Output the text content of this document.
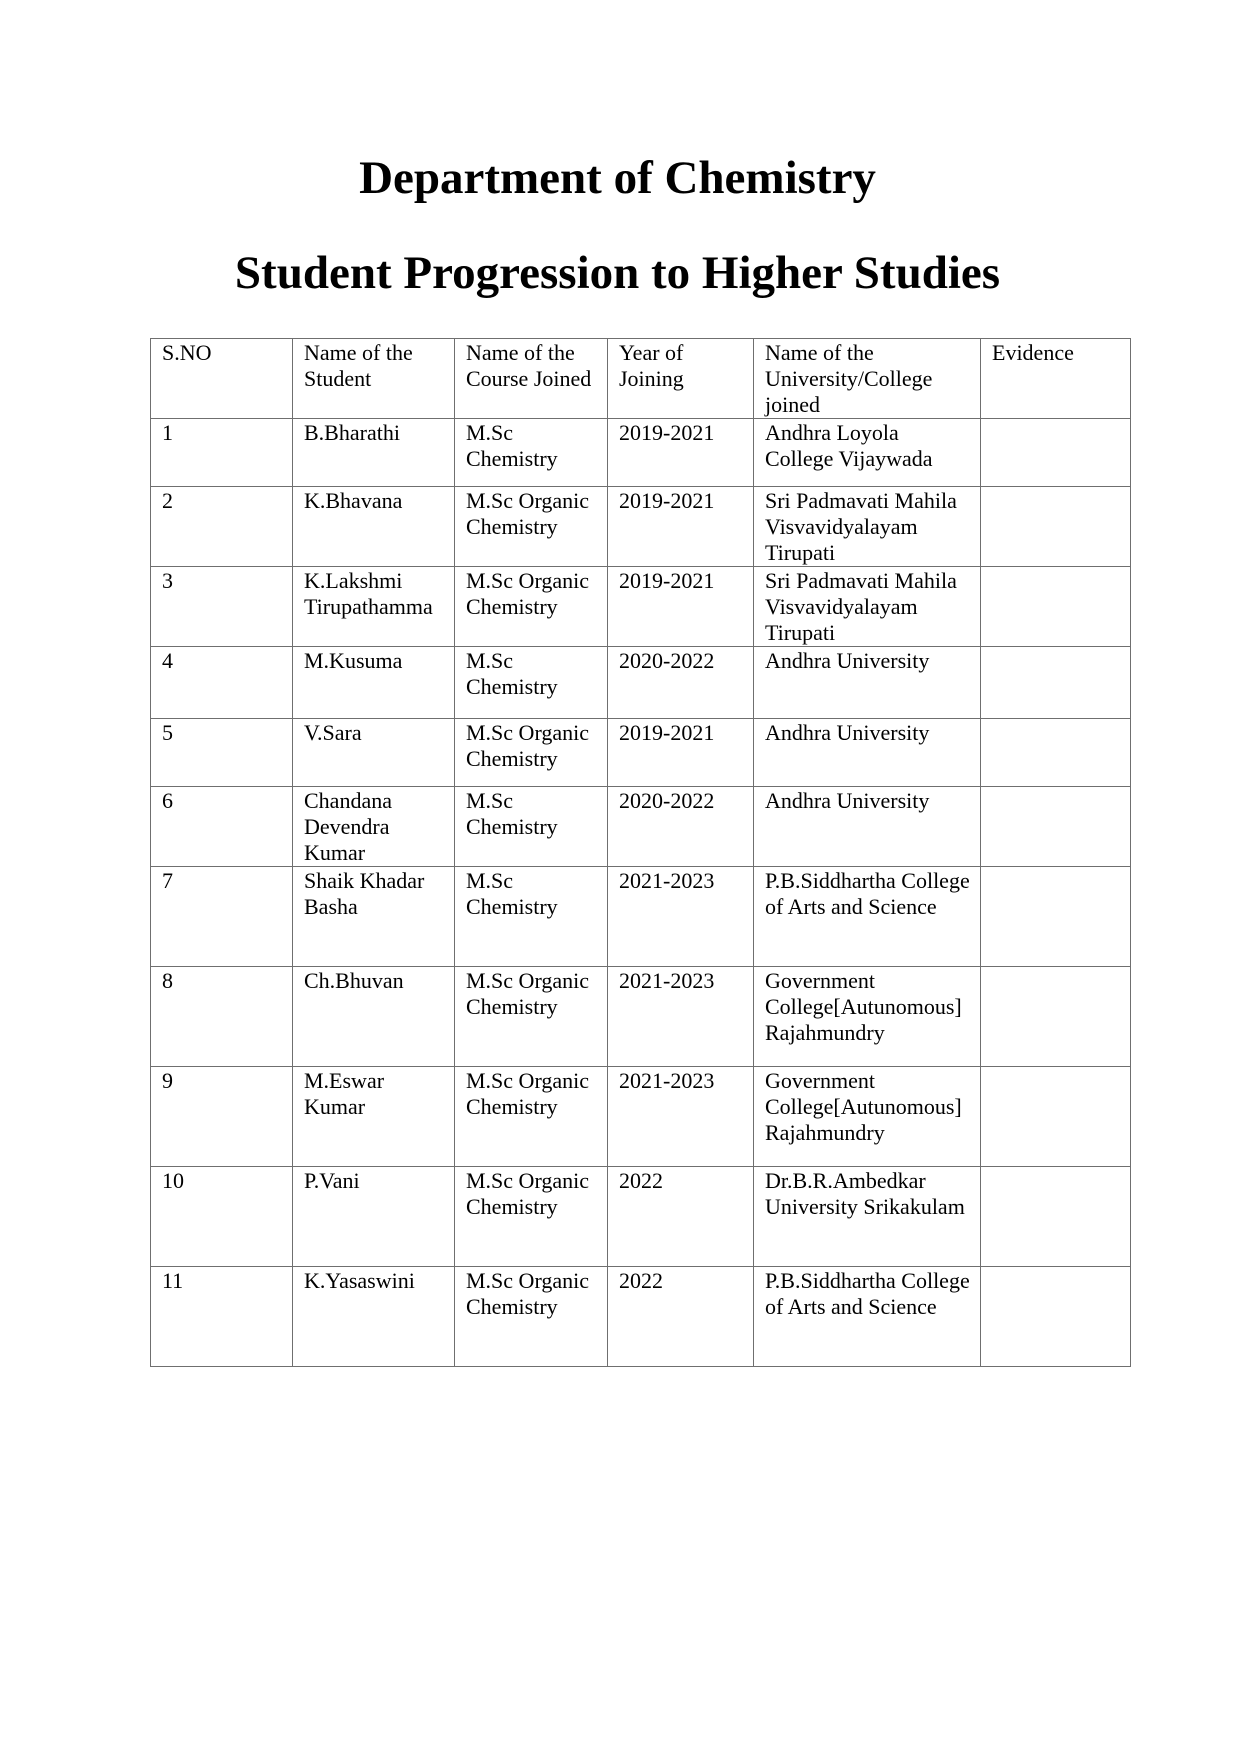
Department of Chemistry
Student Progression to Higher Studies
S.NO	Name of the Student	Name of the Course Joined	Year of Joining	Name of the University/College joined	Evidence
1	B.Bharathi	M.Sc Chemistry	2019-2021	Andhra Loyola College Vijaywada	
2	K.Bhavana	M.Sc Organic Chemistry	2019-2021	Sri Padmavati Mahila Visvavidyalayam Tirupati	
3	K.Lakshmi Tirupathamma	M.Sc Organic Chemistry	2019-2021	Sri Padmavati Mahila Visvavidyalayam Tirupati	
4	M.Kusuma	M.Sc Chemistry	2020-2022	Andhra University	
5	V.Sara	M.Sc Organic Chemistry	2019-2021	Andhra University	
6	Chandana Devendra Kumar	M.Sc Chemistry	2020-2022	Andhra University	
7	Shaik Khadar Basha	M.Sc Chemistry	2021-2023	P.B.Siddhartha College of Arts and Science	
8	Ch.Bhuvan	M.Sc Organic Chemistry	2021-2023	Government College[Autunomous] Rajahmundry	
9	M.Eswar Kumar	M.Sc Organic Chemistry	2021-2023	Government College[Autunomous] Rajahmundry	
10	P.Vani	M.Sc Organic Chemistry	2022	Dr.B.R.Ambedkar University Srikakulam	
11	K.Yasaswini	M.Sc Organic Chemistry	2022	P.B.Siddhartha College of Arts and Science	
